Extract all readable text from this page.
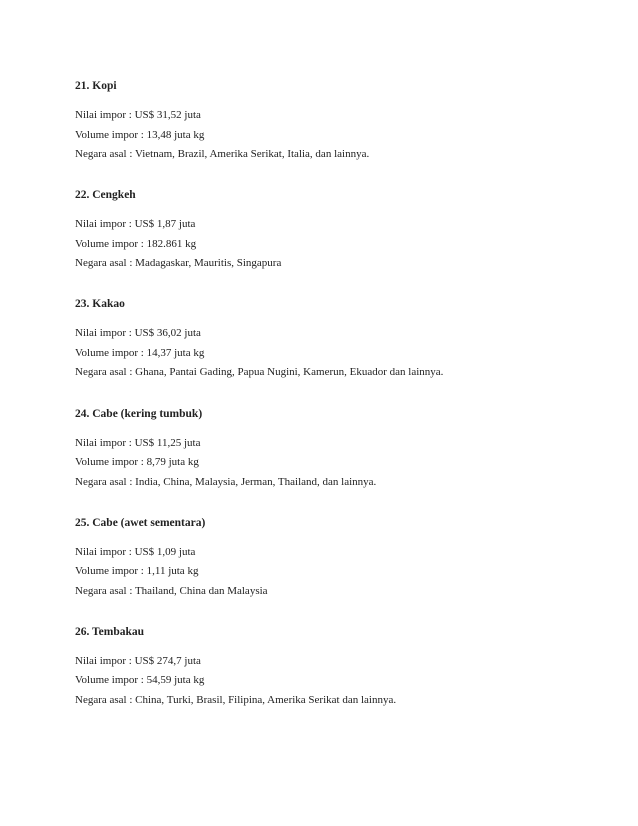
21. Kopi
Nilai impor : US$ 31,52 juta
Volume impor : 13,48 juta kg
Negara asal : Vietnam, Brazil, Amerika Serikat, Italia, dan lainnya.
22. Cengkeh
Nilai impor : US$ 1,87 juta
Volume impor : 182.861 kg
Negara asal : Madagaskar, Mauritis, Singapura
23. Kakao
Nilai impor : US$ 36,02 juta
Volume impor : 14,37 juta kg
Negara asal : Ghana, Pantai Gading, Papua Nugini, Kamerun, Ekuador dan lainnya.
24. Cabe (kering tumbuk)
Nilai impor : US$ 11,25 juta
Volume impor : 8,79 juta kg
Negara asal : India, China, Malaysia, Jerman, Thailand, dan lainnya.
25. Cabe (awet sementara)
Nilai impor : US$ 1,09 juta
Volume impor : 1,11 juta kg
Negara asal : Thailand, China dan Malaysia
26. Tembakau
Nilai impor : US$ 274,7 juta
Volume impor : 54,59 juta kg
Negara asal : China, Turki, Brasil, Filipina, Amerika Serikat dan lainnya.
